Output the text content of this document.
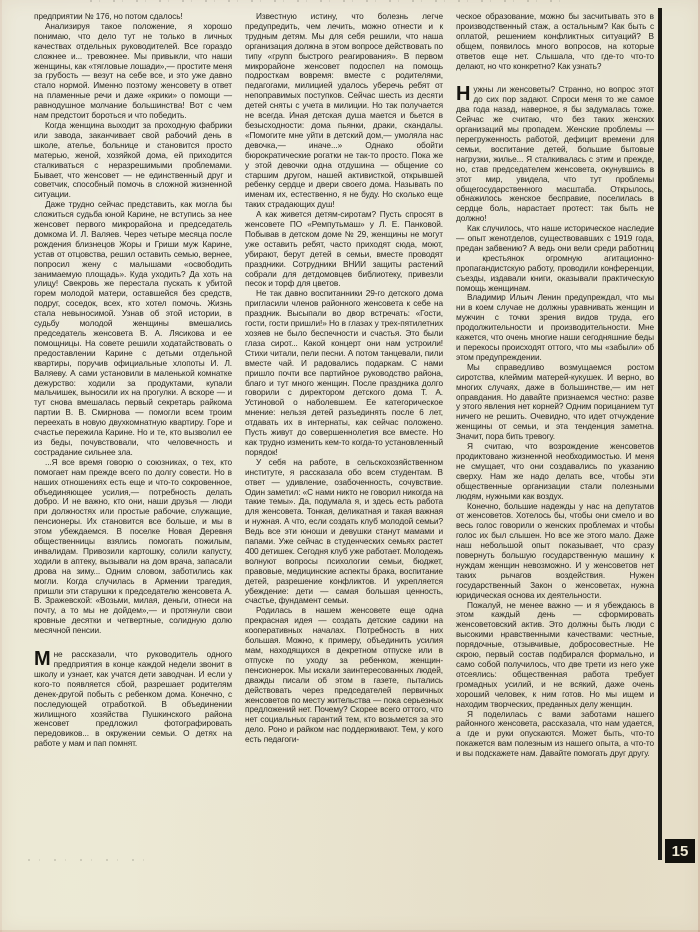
предприятии № 176, но потом сдалось!

Анализируя такое положение, я хорошо понимаю, что дело тут не только в личных качествах отдельных руководителей. Все гораздо сложнее и... тревожнее. Мы привыкли, что наши женщины, как «тягловые лошади»,— простите меня за грубость — везут на себе все, и это уже давно стало нормой. Именно поэтому женсовету в ответ на пламенные речи и даже «крики» о помощи — равнодушное молчание большинства! Вот с чем нам предстоит бороться и что победить.

Когда женщина выходит за проходную фабрики или завода, заканчивает свой рабочий день в школе, ателье, больнице и становится просто матерью, женой, хозяйкой дома, ей приходится сталкиваться с неразрешимыми проблемами. Бывает, что женсовет — не единственный друг и советчик, способный помочь в сложной жизненной ситуации.

Даже трудно сейчас представить, как могла бы сложиться судьба юной Карине, не вступись за нее женсовет первого микрорайона и председатель домкома И. Л. Валяев. Через четыре месяца после рождения близнецов Жоры и Гриши муж Карине, устав от отцовства, решил оставить семью, вернее, попросил жену с малышами «освободить занимаемую площадь». Куда уходить? Да хоть на улицу! Свекровь же перестала пускать к убитой горем молодой матери, оставшейся без средств, подруг, соседок, всех, кто хотел помочь. Жизнь стала невыносимой. Узнав об этой истории, в судьбу молодой женщины вмешались председатель женсовета В. А. Лясикова и ее помощницы. На совете решили ходатайствовать о предоставлении Карине с детьми отдельной квартиры, поручив официальные хлопоты И. Л. Валяеву. А сами установили в маленькой комнатке дежурство: ходили за продуктами, купали мальчишек, выносили их на прогулки. А вскоре — и тут снова вмешалась первый секретарь райкома партии В. В. Смирнова — помогли всем троим переехать в новую двухкомнатную квартиру. Горе и счастье пережила Карине. Но и те, кто вызволил ее из беды, почувствовали, что человечность и сострадание сильнее зла.

...Я все время говорю о союзниках, о тех, кто помогает нам прежде всего по долгу совести. Но в наших отношениях есть еще и что-то сокровенное, объединяющее усилия,— потребность делать добро. И не важно, кто они, наши друзья — люди при должностях или простые рабочие, служащие, пенсионеры. Их становится все больше, и мы в этом убеждаемся. В поселке Новая Деревня общественницы взялись помогать пожилым, инвалидам. Привозили картошку, солили капусту, ходили в аптеку, вызывали на дом врача, запасали дрова на зиму... Одним словом, заботились как могли. Когда случилась в Армении трагедия, пришли эти старушки к председателю женсовета А. В. Зражевской: «Возьми, милая, деньги, отнеси на почту, а то мы не дойдем»,— и протянули свои кровные десятки и четвертные, солидную долю месячной пенсии.

Мне рассказали, что руководитель одного предприятия в конце каждой недели звонит в школу и узнает, как учатся дети заводчан. И если у кого-то появляется сбой, разрешает родителям денек-другой побыть с ребенком дома. Конечно, с последующей отработкой. В объединении жилищного хозяйства Пушкинского района женсовет предложил фотографировать передовиков... в окружении семьи. О детях на работе у мам и пап помнят.

Известную истину, что болезнь легче предупредить, чем лечить, можно отнести и к трудным детям. Мы для себя решили, что наша организация должна в этом вопросе действовать по типу «групп быстрого реагирования». В первом микрорайоне женсовет подоспел на помощь подросткам вовремя: вместе с родителями, педагогами, милицией удалось уберечь ребят от непоправимых поступков. Сейчас шесть из десяти детей сняты с учета в милиции. Но так получается не всегда. Иная детская душа мается и бьется в безысходности: дома пьянки, драки, скандалы. «Помогите мне уйти в детский дом,— умоляла нас девочка,— иначе...» Однако обойти бюрократические рогатки не так-то просто. Пока же у этой девочки одна отдушина — общение со старшим другом, нашей активисткой, открывшей ребенку сердце и двери своего дома. Называть по именам их, естественно, я не буду. Но сколько еще таких страдающих душ!

А как живется детям-сиротам? Пусть спросят в женсовете ПО «Ремпутьмаш» у Л. Е. Панковой. Побывав в детском доме № 29, женщины не могут уже оставить ребят, часто приходят сюда, моют, убирают, берут детей в семьи, вместе проводят праздники. Сотрудники ВНИИ защиты растений собрали для детдомовцев библиотеку, привезли песок и торф для цветов.

Не так давно воспитанники 29-го детского дома пригласили членов районного женсовета к себе на праздник. Высыпали во двор встречать: «Гости, гости, гости пришли!» Но в глазах у трех-пятилетних хозяев не было беспечности и счастья. Это были глаза сирот... Какой концерт они нам устроили! Стихи читали, пели песни. А потом танцевали, пили вместе чай. И радовались подаркам. С нами пришло почти все партийное руководство района, благо и тут много женщин. После праздника долго говорили с директором детского дома Т. А. Устиновой о наболевшем. Ее категорическое мнение: нельзя детей разъединять после 6 лет, отдавать их в интернаты, как сейчас положено. Пусть живут до совершеннолетия все вместе. Но как трудно изменить кем-то когда-то установленный порядок!

У себя на работе, в сельскохозяйственном институте, я рассказала обо всем студентам. В ответ — удивление, озабоченность, сочувствие. Один заметил: «С нами никто не говорил никогда на такие темы». Да, подумала я, и здесь есть работа для женсовета. Тонкая, деликатная и такая важная и нужная. А что, если создать клуб молодой семьи? Ведь все эти юноши и девушки станут мамами и папами. Уже сейчас в студенческих семьях растет 400 детишек. Сегодня клуб уже работает. Молодежь волнуют вопросы психологии семьи, бюджет, правовые, медицинские аспекты брака, воспитание детей, разрешение конфликтов. И укрепляется убеждение: дети — самая большая ценность, счастье, фундамент семьи.

Родилась в нашем женсовете еще одна прекрасная идея — создать детские садики на кооперативных началах. Потребность в них большая. Можно, к примеру, объединить усилия мам, находящихся в декретном отпуске или в отпуске по уходу за ребенком, женщин-пенсионерок. Мы искали заинтересованных людей, дважды писали об этом в газете, пытались действовать через председателей первичных женсоветов по месту жительства — пока серьезных предложений нет. Почему? Скорее всего оттого, что нет социальных гарантий тем, кто возьмется за это дело. Роно и райком нас поддерживают. Тем, у кого есть педагоги-

ческое образование, можно бы засчитывать это в производственный стаж, а остальным? Как быть с оплатой, решением конфликтных ситуаций? В общем, появилось много вопросов, на которые ответов еще нет. Слышала, что где-то что-то делают, но что конкретно? Как узнать?

Нужны ли женсоветы? Странно, но вопрос этот до сих пор задают. Спроси меня то же самое два года назад, наверное, я бы задумалась тоже. Сейчас же считаю, что без таких женских организаций мы пропадем. Женские проблемы — перегруженность работой, дефицит времени для семьи, воспитание детей, большие бытовые нагрузки, жилье... Я сталкивалась с этим и прежде, но, став председателем женсовета, окунувшись в этот мир, увидела, что тут проблемы общегосударственного масштаба. Открылось, обнажилось женское бесправие, поселилась в сердце боль, нарастает протест: так быть не должно!

Как случилось, что наше историческое наследие — опыт женотделов, существовавших с 1919 года, предан забвению? А ведь они вели среди работниц и крестьянок огромную агитационно-пропагандистскую работу, проводили конференции, съезды, издавали книги, оказывали практическую помощь женщинам.

Владимир Ильич Ленин предупреждал, что мы ни в коем случае не должны уравнивать женщин и мужчин с точки зрения видов труда, его продолжительности и производительности. Мне кажется, что очень многие наши сегодняшние беды и перекосы происходят оттого, что мы «забыли» об этом предупреждении.

Мы справедливо возмущаемся ростом сиротства, клеймим матерей-кукушек. И верно, во многих случаях, даже в большинстве,— им нет оправдания. Но давайте признаемся честно: разве у этого явления нет корней? Одним порицанием тут ничего не решить. Очевидно, что идет отчуждение женщины от семьи, и эта тенденция заметна. Значит, пора бить тревогу.

Я считаю, что возрождение женсоветов продиктовано жизненной необходимостью. И меня не смущает, что они создавались по указанию сверху. Нам же надо делать все, чтобы эти общественные организации стали полезными людям, нужными как воздух.

Конечно, большие надежды у нас на депутатов от женсоветов. Хотелось бы, чтобы они смело и во весь голос говорили о женских проблемах и чтобы голос их был слышен. Но все же этого мало. Даже наш небольшой опыт показывает, что сразу повернуть большую государственную машину к нуждам женщин невозможно. И у женсоветов нет таких рычагов воздействия. Нужен государственный Закон о женсоветах, нужна юридическая основа их деятельности.

Пожалуй, не менее важно — и я убеждаюсь в этом каждый день — сформировать женсоветовский актив. Это должны быть люди с высокими нравственными качествами: честные, порядочные, отзывчивые, добросовестные. Не скрою, первый состав подбирался формально, и само собой получилось, что две трети из него уже отсеялись: общественная работа требует громадных усилий, и не всякий, даже очень хороший человек, к ним готов. Но мы ищем и находим творческих, преданных делу женщин.

Я поделилась с вами заботами нашего районного женсовета, рассказала, что нам удается, а где и руки опускаются. Может быть, что-то покажется вам полезным из нашего опыта, а что-то и вы подскажете нам. Давайте помогать друг другу.

15
